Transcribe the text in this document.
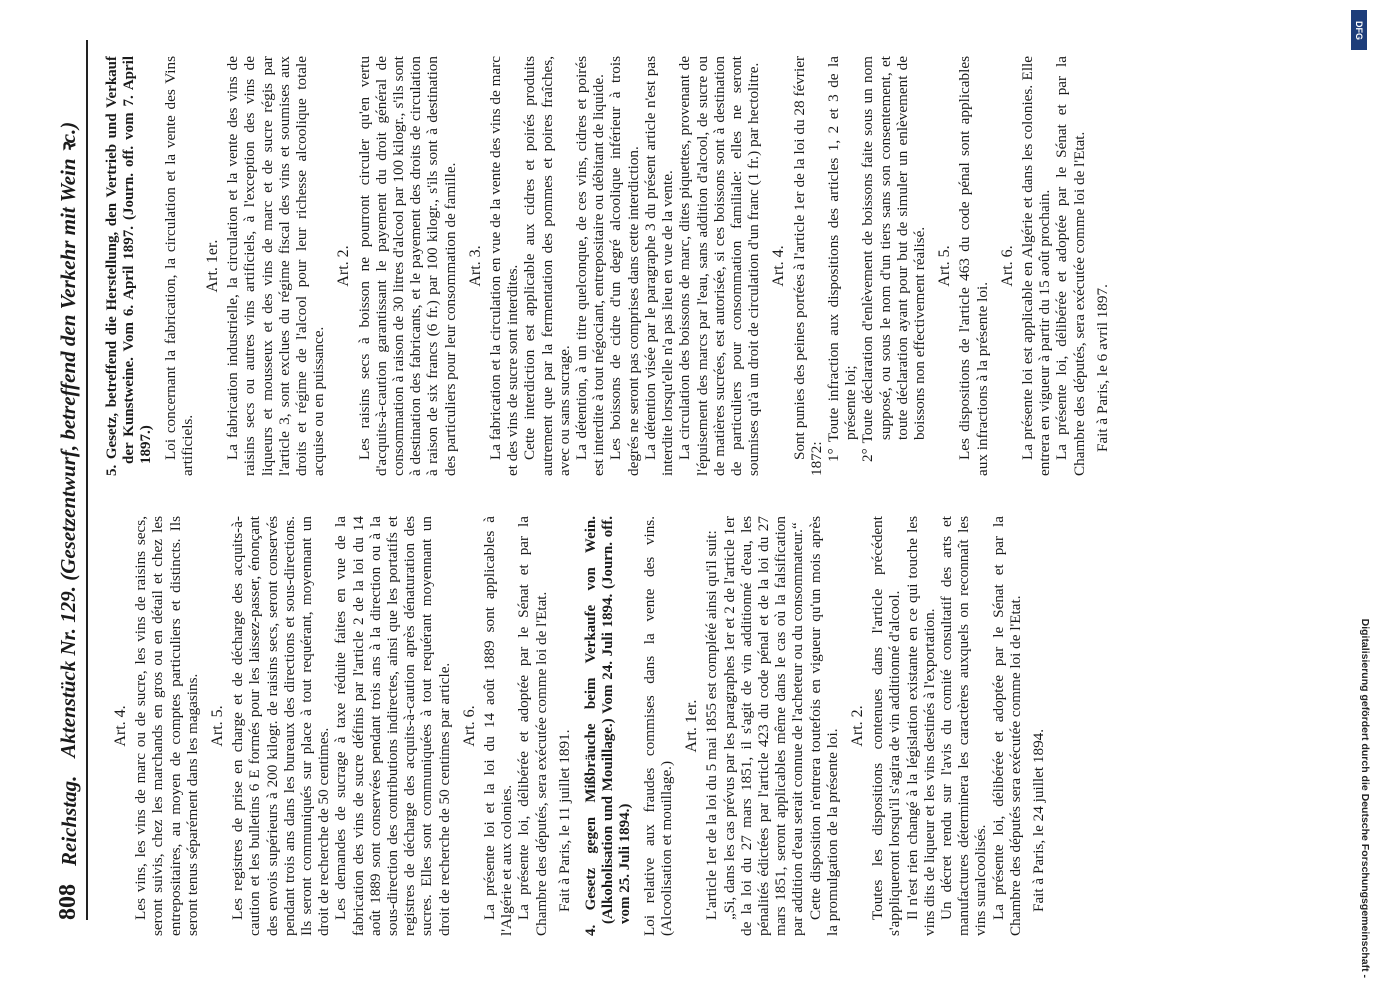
808
Reichstag.
Aktenstück Nr. 129. (Gesetzentwurf, betreffend den Verkehr mit Wein ꝛc.) Art. 4. Les vins, les vins de marc ou de sucre, les vins de raisins secs, seront suivis, chez les marchands en gros ou en détail et chez les entrepositaires, au moyen de comptes particuliers et distincts. Ils seront tenus séparément dans les magasins. Art. 5. Les registres de prise en charge et de décharge des acquits-à-caution et les bulletins 6 E formés pour les laissez-passer, énonçant des envois supérieurs à 200 kilogr. de raisins secs, seront conservés pendant trois ans dans les bureaux des directions et sous-directions. Ils seront communiqués sur place à tout requérant, moyennant un droit de recherche de 50 centimes. Les demandes de sucrage à taxe réduite faites en vue de la fabrication des vins de sucre définis par l'article 2 de la loi du 14 août 1889 sont conservées pendant trois ans à la direction ou à la sous-direction des contributions indirectes, ainsi que les portatifs et registres de décharge des acquits-à-caution après dénaturation des sucres. Elles sont communiquées à tout requérant moyennant un droit de recherche de 50 centimes par article. Art. 6. La présente loi et la loi du 14 août 1889 sont applicables à l'Algérie et aux colonies. La présente loi, délibérée et adoptée par le Sénat et par la Chambre des députés, sera exécutée comme loi de l'Etat. Fait à Paris, le 11 juillet 1891. 4. Gesetz gegen Mißbräuche beim Verkaufe von Wein. (Alkoholisation und Mouillage.) Vom 24. Juli 1894. (Journ. off. vom 25. Juli 1894.) Loi relative aux fraudes commises dans la vente des vins. (Alcoolisation et mouillage.)

Art. 1er. L'article 1er de la loi du 5 mai 1855 est complété ainsi qu'il suit: „Si, dans les cas prévus par les paragraphes 1er et 2 de l'article 1er de la loi du 27 mars 1851, il s'agit de vin additionné d'eau, les pénalités édictées par l'article 423 du code pénal et de la loi du 27 mars 1851, seront applicables même dans le cas où la falsification par addition d'eau serait connue de l'acheteur ou du consommateur.“ Cette disposition n'entrera toutefois en vigueur qu'un mois après la promulgation de la présente loi.

Art. 2. Toutes les dispositions contenues dans l'article précédent s'appliqueront lorsqu'il s'agira de vin additionné d'alcool. Il n'est rien changé à la législation existante en ce qui touche les vins dits de liqueur et les vins destinés à l'exportation. Un décret rendu sur l'avis du comité consultatif des arts et manufactures déterminera les caractères auxquels on reconnaît les vins suralcoolisés. La présente loi, délibérée et adoptée par le Sénat et par la Chambre des députés sera exécutée comme loi de l'Etat. Fait à Paris, le 24 juillet 1894.

5. Gesetz, betreffend die Herstellung, den Vertrieb und Verkauf der Kunstweine. Vom 6. April 1897. (Journ. off. vom 7. April 1897.) Loi concernant la fabrication, la circulation et la vente des Vins artificiels.

Art. 1er. La fabrication industrielle, la circulation et la vente des vins de raisins secs ou autres vins artificiels, à l'exception des vins de liqueurs et mousseux et des vins de marc et de sucre régis par l'article 3, sont exclues du régime fiscal des vins et soumises aux droits et régime de l'alcool pour leur richesse alcoolique totale acquise ou en puissance.

Art. 2. Les raisins secs à boisson ne pourront circuler qu'en vertu d'acquits-à-caution garantissant le payement du droit général de consommation à raison de 30 litres d'alcool par 100 kilogr., s'ils sont à destination des fabricants, et le payement des droits de circulation à raison de six francs (6 fr.) par 100 kilogr., s'ils sont à destination des particuliers pour leur consommation de famille. Art. 3. La fabrication et la circulation en vue de la vente des vins de marc et des vins de sucre sont interdites. Cette interdiction est applicable aux cidres et poirés produits autrement que par la fermentation des pommes et poires fraîches, avec ou sans sucrage. La détention, à un titre quelconque, de ces vins, cidres et poirés est interdite à tout négociant, entrepositaire ou débitant de liquide. Les boissons de cidre d'un degré alcoolique inférieur à trois degrés ne seront pas comprises dans cette interdiction. La détention visée par le paragraphe 3 du présent article n'est pas interdite lorsqu'elle n'a pas lieu en vue de la vente. La circulation des boissons de marc, dites piquettes, provenant de l'épuisement des marcs par l'eau, sans addition d'alcool, de sucre ou de matières sucrées, est autorisée, si ces boissons sont à destination de particuliers pour consommation familiale: elles ne seront soumises qu'à un droit de circulation d'un franc (1 fr.) par hectolitre. Art. 4. Sont punies des peines portées à l'article 1er de la loi du 28 février 1872: 1° Toute infraction aux dispositions des articles 1, 2 et 3 de la présente loi; 2° Toute déclaration d'enlèvement de boissons faite sous un nom supposé, ou sous le nom d'un tiers sans son consentement, et toute déclaration ayant pour but de simuler un enlèvement de boissons non effectivement réalisé. Art. 5. Les dispositions de l'article 463 du code pénal sont applicables aux infractions à la présente loi.

Art. 6. La présente loi est applicable en Algérie et dans les colonies. Elle entrera en vigueur à partir du 15 août prochain. La présente loi, délibérée et adoptée par le Sénat et par la Chambre des députés, sera exécutée comme loi de l'Etat. Fait à Paris, le 6 avril 1897.

Digitalisierung gefördert durch die Deutsche Forschungsgemeinschaft -
DFG
